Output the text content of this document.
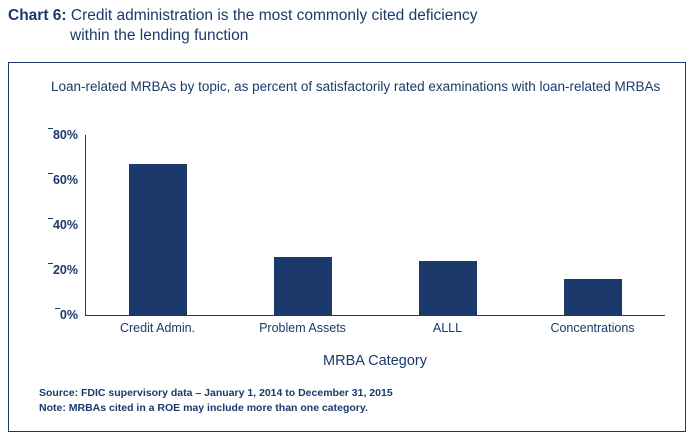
Chart 6: Credit administration is the most commonly cited deficiency
within the lending function
Loan-related MRBAs by topic, as percent of satisfactorily rated examinations with loan-related MRBAs
0%
20%
40%
60%
80%
Credit Admin.	Problem Assets	ALLL	Concentrations
MRBA Category
Source: FDIC supervisory data – January 1, 2014 to December 31, 2015
Note: MRBAs cited in a ROE may include more than one category.
